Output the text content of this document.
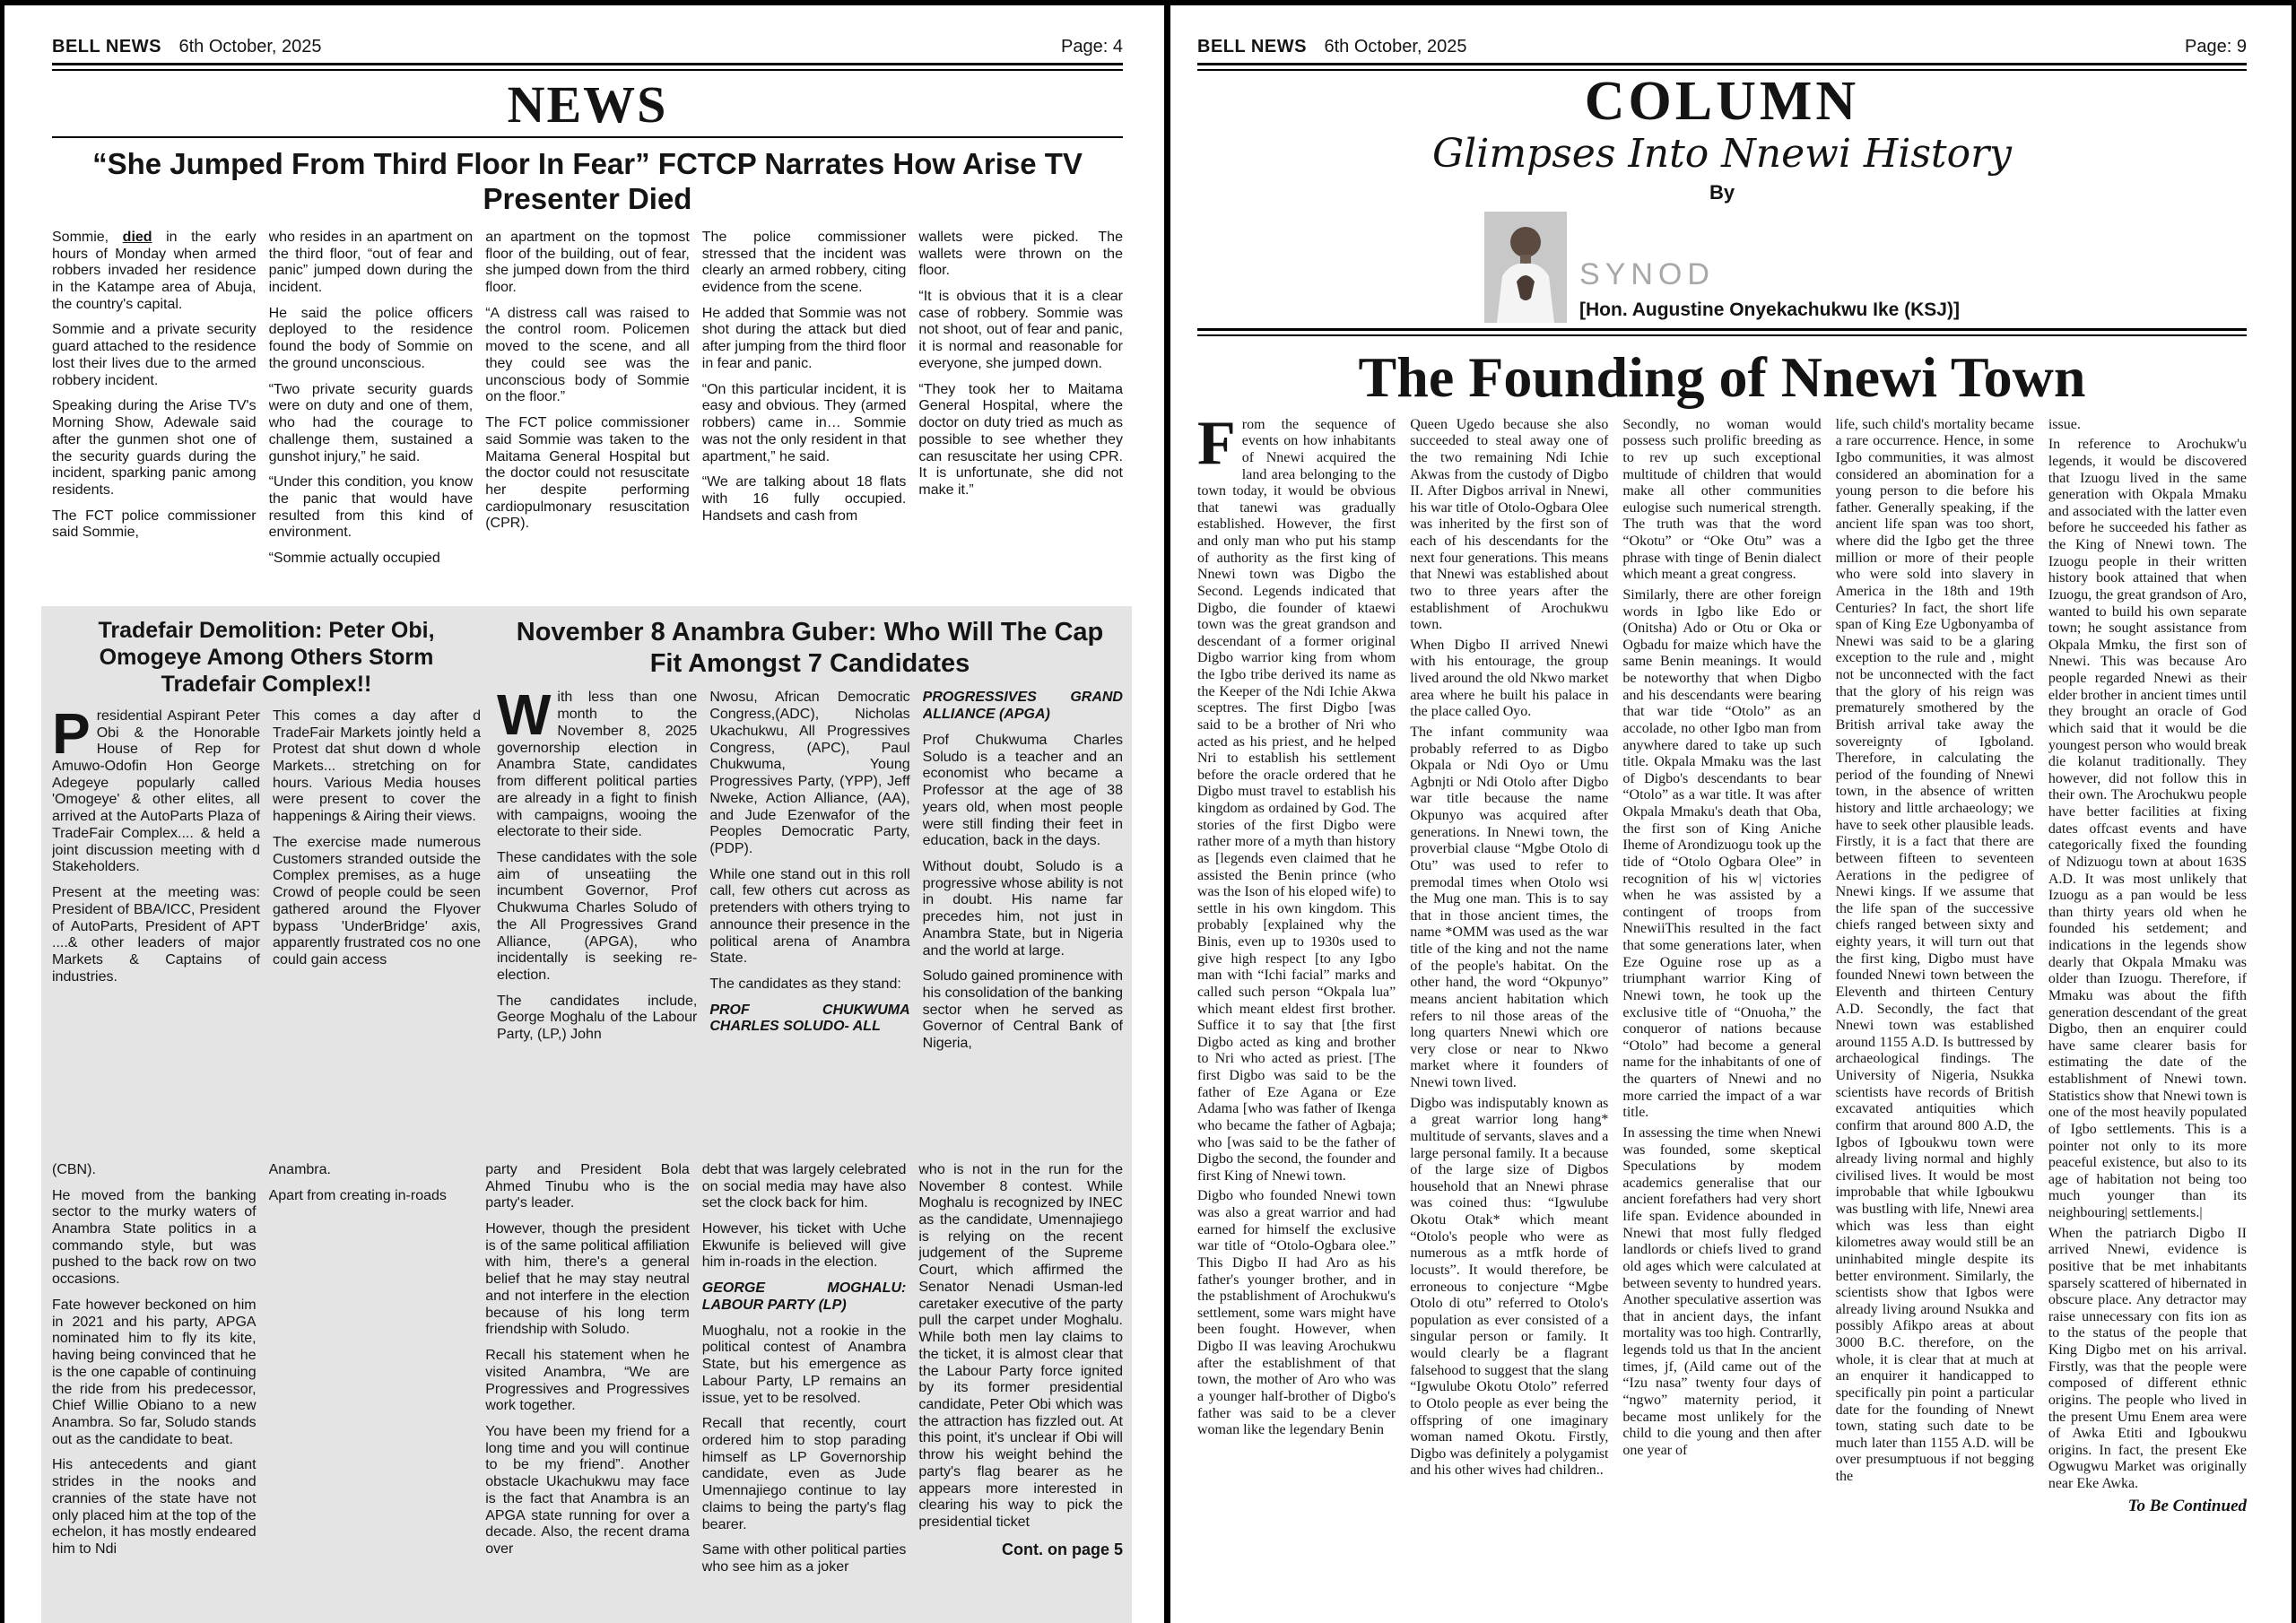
BELL NEWS 6th October, 2025	Page: 4
NEWS
“She Jumped From Third Floor In Fear” FCTCP Narrates How Arise TV Presenter Died

Sommie, died in the early hours of Monday when armed robbers invaded her residence in the Katampe area of Abuja, the country's capital.

Sommie and a private security guard attached to the residence lost their lives due to the armed robbery incident.

Speaking during the Arise TV's Morning Show, Adewale said after the gunmen shot one of the security guards during the incident, sparking panic among residents.

The FCT police commissioner said Sommie,

who resides in an apartment on the third floor, “out of fear and panic” jumped down during the incident.

He said the police officers deployed to the residence found the body of Sommie on the ground unconscious.

“Two private security guards were on duty and one of them, who had the courage to challenge them, sustained a gunshot injury,” he said.

“Under this condition, you know the panic that would have resulted from this kind of environment.

“Sommie actually occupied

an apartment on the topmost floor of the building, out of fear, she jumped down from the third floor.

“A distress call was raised to the control room. Policemen moved to the scene, and all they could see was the unconscious body of Sommie on the floor.”

The FCT police commissioner said Sommie was taken to the Maitama General Hospital but the doctor could not resuscitate her despite performing cardiopulmonary resuscitation (CPR).

The police commissioner stressed that the incident was clearly an armed robbery, citing evidence from the scene.

He added that Sommie was not shot during the attack but died after jumping from the third floor in fear and panic.

“On this particular incident, it is easy and obvious. They (armed robbers) came in… Sommie was not the only resident in that apartment,” he said.

“We are talking about 18 flats with 16 fully occupied. Handsets and cash from

wallets were picked. The wallets were thrown on the floor.

“It is obvious that it is a clear case of robbery. Sommie was not shoot, out of fear and panic, it is normal and reasonable for everyone, she jumped down.

“They took her to Maitama General Hospital, where the doctor on duty tried as much as possible to see whether they can resuscitate her using CPR. It is unfortunate, she did not make it.”

Tradefair Demolition: Peter Obi, Omogeye Among Others Storm Tradefair Complex!!

Presidential Aspirant Peter Obi & the Honorable House of Rep for Amuwo-Odofin Hon George Adegeye popularly called 'Omogeye' & other elites, all arrived at the AutoParts Plaza of TradeFair Complex.... & held a joint discussion meeting with d Stakeholders.

Present at the meeting was: President of BBA/ICC, President of AutoParts, President of APT ....& other leaders of major Markets & Captains of industries.

This comes a day after d TradeFair Markets jointly held a Protest dat shut down d whole Markets... stretching on for hours. Various Media houses were present to cover the happenings & Airing their views.

The exercise made numerous Customers stranded outside the Complex premises, as a huge Crowd of people could be seen gathered around the Flyover bypass 'UnderBridge' axis, apparently frustrated cos no one could gain access

November 8 Anambra Guber: Who Will The Cap Fit Amongst 7 Candidates

With less than one month to the November 8, 2025 governorship election in Anambra State, candidates from different political parties are already in a fight to finish with campaigns, wooing the electorate to their side.

These candidates with the sole aim of unseatiing the incumbent Governor, Prof Chukwuma Charles Soludo of the All Progressives Grand Alliance, (APGA), who incidentally is seeking re-election.

The candidates include, George Moghalu of the Labour Party, (LP,) John

Nwosu, African Democratic Congress,(ADC), Nicholas Ukachukwu, All Progressives Congress, (APC), Paul Chukwuma, Young Progressives Party, (YPP), Jeff Nweke, Action Alliance, (AA), and Jude Ezenwafor of the Peoples Democratic Party, (PDP).

While one stand out in this roll call, few others cut across as pretenders with others trying to announce their presence in the political arena of Anambra State.

The candidates as they stand:

PROF CHUKWUMA CHARLES SOLUDO- ALL

PROGRESSIVES GRAND ALLIANCE (APGA)

Prof Chukwuma Charles Soludo is a teacher and an economist who became a Professor at the age of 38 years old, when most people were still finding their feet in education, back in the days.

Without doubt, Soludo is a progressive whose ability is not in doubt. His name far precedes him, not just in Anambra State, but in Nigeria and the world at large.

Soludo gained prominence with his consolidation of the banking sector when he served as Governor of Central Bank of Nigeria,

(CBN).

He moved from the banking sector to the murky waters of Anambra State politics in a commando style, but was pushed to the back row on two occasions.

Fate however beckoned on him in 2021 and his party, APGA nominated him to fly its kite, having being convinced that he is the one capable of continuing the ride from his predecessor, Chief Willie Obiano to a new Anambra. So far, Soludo stands out as the candidate to beat.

His antecedents and giant strides in the nooks and crannies of the state have not only placed him at the top of the echelon, it has mostly endeared him to Ndi

Anambra.

Apart from creating in-roads

party and President Bola Ahmed Tinubu who is the party's leader.

However, though the president is of the same political affiliation with him, there's a general belief that he may stay neutral and not interfere in the election because of his long term friendship with Soludo.

Recall his statement when he visited Anambra, “We are Progressives and Progressives work together.

You have been my friend for a long time and you will continue to be my friend”. Another obstacle Ukachukwu may face is the fact that Anambra is an APGA state running for over a decade. Also, the recent drama over

debt that was largely celebrated on social media may have also set the clock back for him.

However, his ticket with Uche Ekwunife is believed will give him in-roads in the election.

GEORGE MOGHALU: LABOUR PARTY (LP)

Muoghalu, not a rookie in the political contest of Anambra State, but his emergence as Labour Party, LP remains an issue, yet to be resolved.

Recall that recently, court ordered him to stop parading himself as LP Governorship candidate, even as Jude Umennajiego continue to lay claims to being the party's flag bearer.

Same with other political parties who see him as a joker

who is not in the run for the November 8 contest. While Moghalu is recognized by INEC as the candidate, Umennajiego is relying on the recent judgement of the Supreme Court, which affirmed the Senator Nenadi Usman-led caretaker executive of the party pull the carpet under Moghalu. While both men lay claims to the ticket, it is almost clear that the Labour Party force ignited by its former presidential candidate, Peter Obi which was the attraction has fizzled out. At this point, it's unclear if Obi will throw his weight behind the party's flag bearer as he appears more interested in clearing his way to pick the presidential ticket

Cont. on page 5
BELL NEWS 6th October, 2025	Page: 9
COLUMN
Glimpses Into Nnewi History
By
SYNOD
[Hon. Augustine Onyekachukwu Ike (KSJ)]
The Founding of Nnewi Town

From the sequence of events on how inhabitants of Nnewi acquired the land area belonging to the town today, it would be obvious that tanewi was gradually established. However, the first and only man who put his stamp of authority as the first king of Nnewi town was Digbo the Second. Legends indicated that Digbo, die founder of ktaewi town was the great grandson and descendant of a former original Digbo warrior king from whom the Igbo tribe derived its name as the Keeper of the Ndi Ichie Akwa sceptres. The first Digbo [was said to be a brother of Nri who acted as his priest, and he helped Nri to establish his settlement before the oracle ordered that he Digbo must travel to establish his kingdom as ordained by God. The stories of the first Digbo were rather more of a myth than history as [legends even claimed that he assisted the Benin prince (who was the Ison of his eloped wife) to settle in his own kingdom. This probably [explained why the Binis, even up to 1930s used to give high respect [to any Igbo man with “Ichi facial” marks and called such person “Okpala lua” which meant eldest first brother. Suffice it to say that [the first Digbo acted as king and brother to Nri who acted as priest. [The first Digbo was said to be the father of Eze Agana or Eze Adama [who was father of Ikenga who became the father of Agbaja; who [was said to be the father of Digbo the second, the founder and first King of Nnewi town.

Digbo who founded Nnewi town was also a great warrior and had earned for himself the exclusive war title of “Otolo-Ogbara olee.” This Digbo II had Aro as his father's younger brother, and in the pstablishment of Arochukwu's settlement, some wars might have been fought. However, when Digbo II was leaving Arochukwu after the establishment of that town, the mother of Aro who was a younger half-brother of Digbo's father was said to be a clever woman like the legendary Benin

Queen Ugedo because she also succeeded to steal away one of the two remaining Ndi Ichie Akwas from the custody of Digbo II. After Digbos arrival in Nnewi, his war title of Otolo-Ogbara Olee was inherited by the first son of each of his descendants for the next four generations. This means that Nnewi was established about two to three years after the establishment of Arochukwu town.

When Digbo II arrived Nnewi with his entourage, the group lived around the old Nkwo market area where he built his palace in the place called Oyo.

The infant community waa probably referred to as Digbo Okpala or Ndi Oyo or Umu Agbnjti or Ndi Otolo after Digbo war title because the name Okpunyo was acquired after generations. In Nnewi town, the proverbial clause “Mgbe Otolo di Otu” was used to refer to premodal times when Otolo wsi the Mug one man. This is to say that in those ancient times, the name *OMM was used as the war title of the king and not the name of the people's habitat. On the other hand, the word “Okpunyo” means ancient habitation which refers to nil those areas of the long quarters Nnewi which ore very close or near to Nkwo market where it founders of Nnewi town lived.

Digbo was indisputably known as a great warrior long hang* multitude of servants, slaves and a large personal family. It a because of the large size of Digbos household that an Nnewi phrase was coined thus: “Igwulube Okotu Otak* which meant “Otolo's people who were as numerous as a mtfk horde of locusts”. It would therefore, be erroneous to conjecture “Mgbe Otolo di otu” referred to Otolo's population as ever consisted of a singular person or family. It would clearly be a flagrant falsehood to suggest that the slang “Igwulube Okotu Otolo” referred to Otolo people as ever being the offspring of one imaginary woman named Okotu. Firstly, Digbo was definitely a polygamist and his other wives had children..

Secondly, no woman would possess such prolific breeding as to rev up such exceptional multitude of children that would make all other communities eulogise such numerical strength. The truth was that the word “Okotu” or “Oke Otu” was a phrase with tinge of Benin dialect which meant a great congress.

Similarly, there are other foreign words in Igbo like Edo or (Onitsha) Ado or Otu or Oka or Ogbadu for maize which have the same Benin meanings. It would be noteworthy that when Digbo and his descendants were bearing that war tide “Otolo” as an accolade, no other Igbo man from anywhere dared to take up such title. Okpala Mmaku was the last of Digbo's descendants to bear “Otolo” as a war title. It was after Okpala Mmaku's death that Oba, the first son of King Aniche Iheme of Arondizuogu took up the tide of “Otolo Ogbara Olee” in recognition of his w| victories when he was assisted by a contingent of troops from NnewiiThis resulted in the fact that some generations later, when Eze Oguine rose up as a triumphant warrior King of Nnewi town, he took up the exclusive title of “Onuoha,” the conqueror of nations because “Otolo” had become a general name for the inhabitants of one of the quarters of Nnewi and no more carried the impact of a war title.

In assessing the time when Nnewi was founded, some skeptical Speculations by modem academics generalise that our ancient forefathers had very short life span. Evidence abounded in Nnewi that most fully fledged landlords or chiefs lived to grand old ages which were calculated at between seventy to hundred years. Another speculative assertion was that in ancient days, the infant mortality was too high. Contrarlly, legends told us that In the ancient times, jf, (Aild came out of the “Izu nasa” twenty four days of “ngwo” maternity period, it became most unlikely for the child to die young and then after one year of

life, such child's mortality became a rare occurrence. Hence, in some Igbo communities, it was almost considered an abomination for a young person to die before his father. Generally speaking, if the ancient life span was too short, where did the Igbo get the three million or more of their people who were sold into slavery in America in the 18th and 19th Centuries? In fact, the short life span of King Eze Ugbonyamba of Nnewi was said to be a glaring exception to the rule and , might not be unconnected with the fact that the glory of his reign was prematurely smothered by the British arrival take away the sovereignty of Igboland. Therefore, in calculating the period of the founding of Nnewi town, in the absence of written history and little archaeology; we have to seek other plausible leads. Firstly, it is a fact that there are between fifteen to seventeen Aerations in the pedigree of Nnewi kings. If we assume that the life span of the successive chiefs ranged between sixty and eighty years, it will turn out that the first king, Digbo must have founded Nnewi town between the Eleventh and thirteen Century A.D. Secondly, the fact that Nnewi town was established around 1155 A.D. Is buttressed by archaeological findings. The University of Nigeria, Nsukka scientists have records of British excavated antiquities which confirm that around 800 A.D, the Igbos of Igboukwu town were already living normal and highly civilised lives. It would be most improbable that while Igboukwu was bustling with life, Nnewi area which was less than eight kilometres away would still be an uninhabited mingle despite its better environment. Similarly, the scientists show that Igbos were already living around Nsukka and possibly Afikpo areas at about 3000 B.C. therefore, on the whole, it is clear that at much at an enquirer it handicapped to specifically pin point a particular date for the founding of Nnewt town, stating such date to be much later than 1155 A.D. will be over presumptuous if not begging the

issue.

In reference to Arochukw'u legends, it would be discovered that Izuogu lived in the same generation with Okpala Mmaku and associated with the latter even before he succeeded his father as the King of Nnewi town. The Izuogu people in their written history book attained that when Izuogu, the great grandson of Aro, wanted to build his own separate town; he sought assistance from Okpala Mmku, the first son of Nnewi. This was because Aro people regarded Nnewi as their elder brother in ancient times until they brought an oracle of God which said that it would be die youngest person who would break die kolanut traditionally. They however, did not follow this in their own. The Arochukwu people have better facilities at fixing dates offcast events and have categorically fixed the founding of Ndizuogu town at about 163S A.D. It was most unlikely that Izuogu as a pan would be less than thirty years old when he founded his setdement; and indications in the legends show dearly that Okpala Mmaku was older than Izuogu. Therefore, if Mmaku was about the fifth generation descendant of the great Digbo, then an enquirer could have same clearer basis for estimating the date of the establishment of Nnewi town. Statistics show that Nnewi town is one of the most heavily populated of Igbo settlements. This is a pointer not only to its more peaceful existence, but also to its age of habitation not being too much younger than its neighbouring| settlements.|

When the patriarch Digbo II arrived Nnewi, evidence is positive that be met inhabitants sparsely scattered of hibernated in obscure place. Any detractor may raise unnecessary con fits ion as to the status of the people that King Digbo met on his arrival. Firstly, was that the people were composed of different ethnic origins. The people who lived in the present Umu Enem area were of Awka Etiti and Igboukwu origins. In fact, the present Eke Ogwugwu Market was originally near Eke Awka.

To Be Continued
